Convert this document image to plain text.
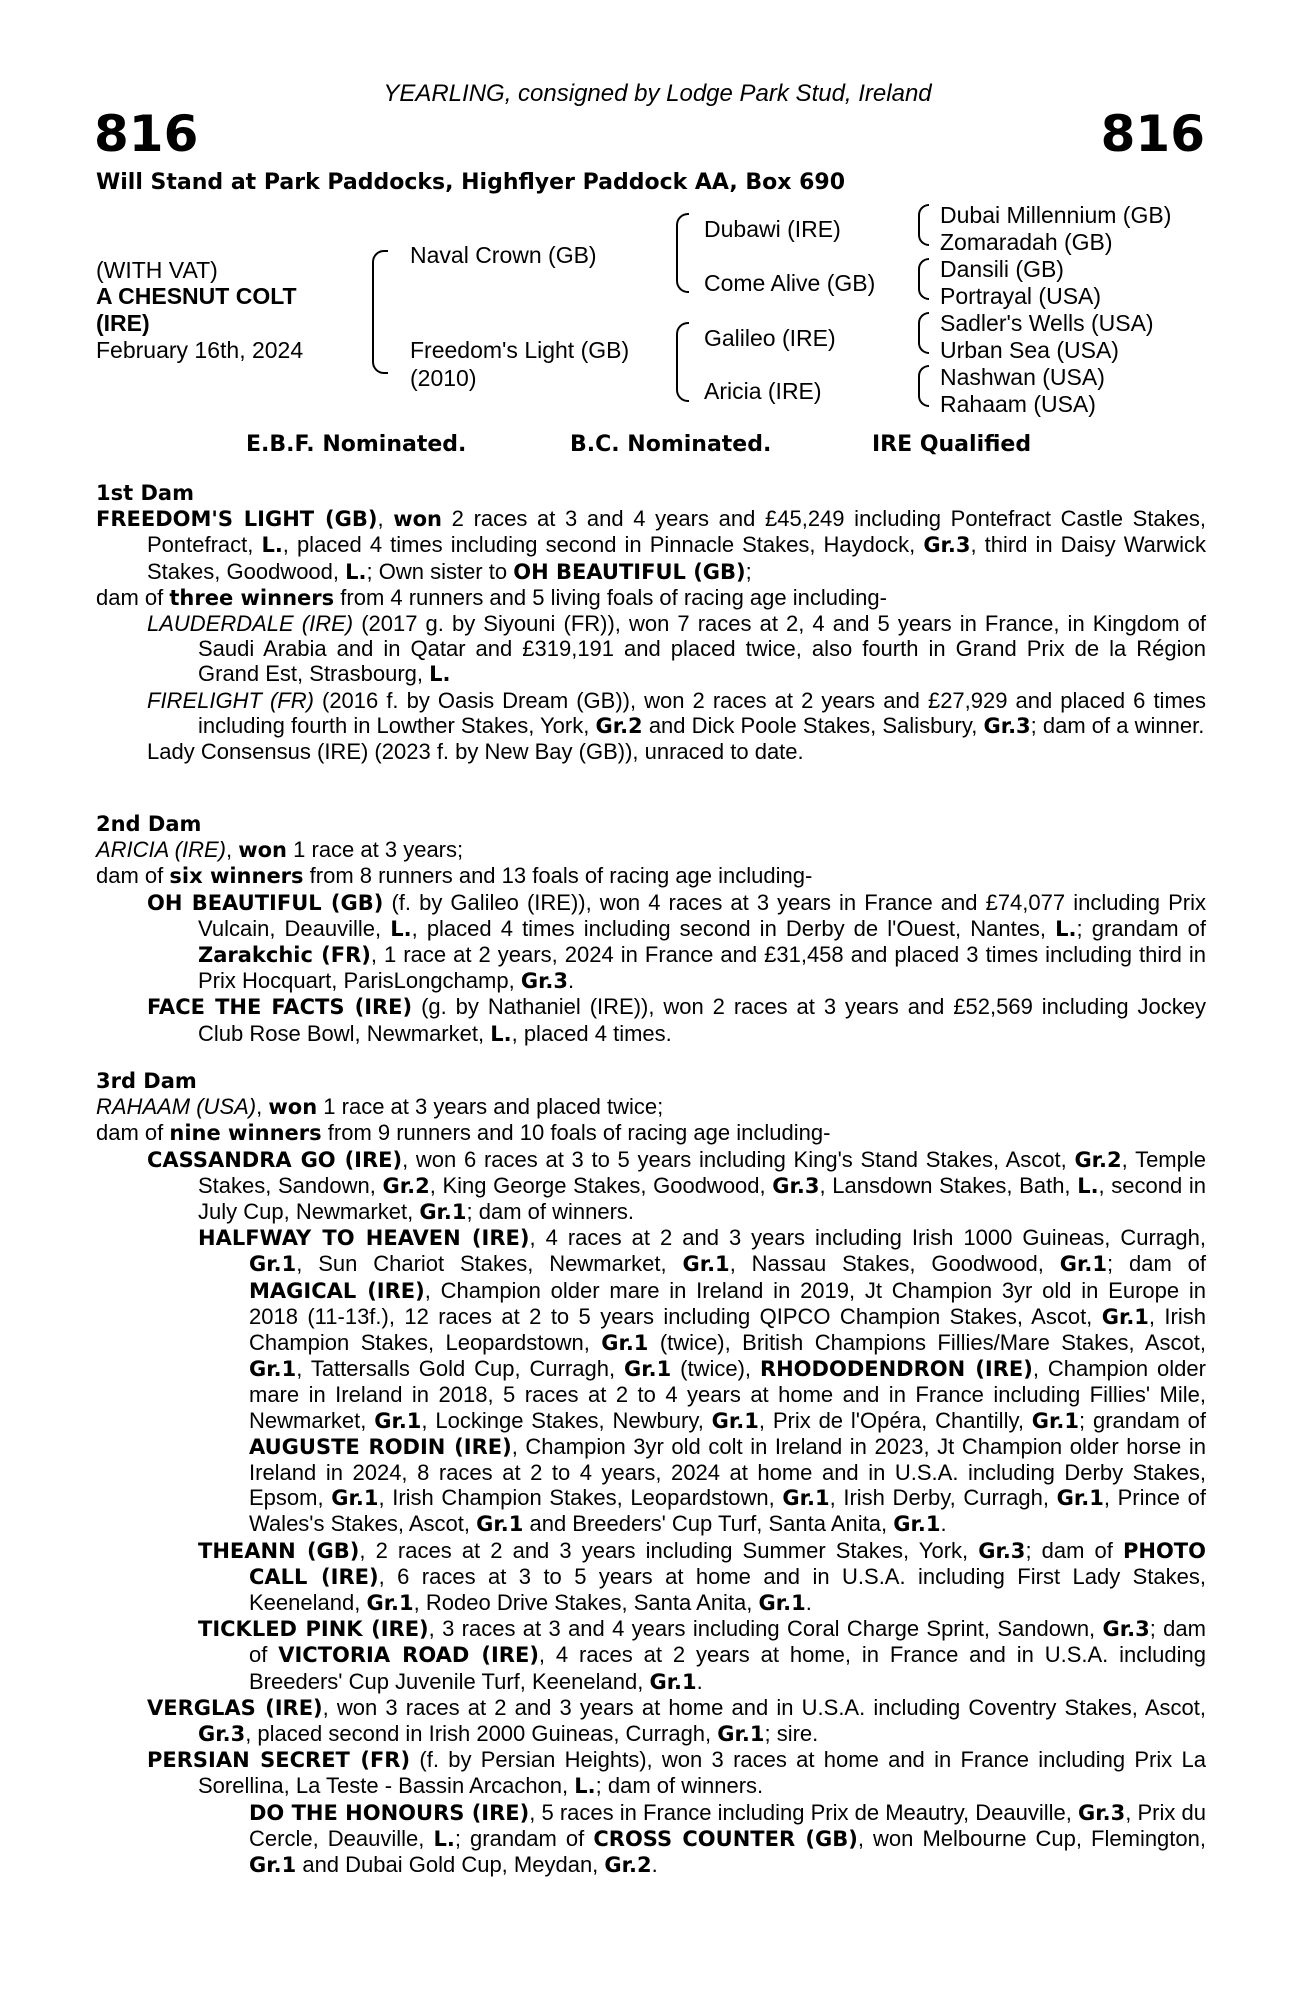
YEARLING, consigned by Lodge Park Stud, Ireland
816	816
Will Stand at Park Paddocks, Highflyer Paddock AA, Box 690
(WITH VAT)
A CHESNUT COLT
(IRE)
February 16th, 2024
Naval Crown (GB)
Freedom's Light (GB)
(2010)
Dubawi (IRE)
Come Alive (GB)
Galileo (IRE)
Aricia (IRE)
Dubai Millennium (GB)
Zomaradah (GB)
Dansili (GB)
Portrayal (USA)
Sadler's Wells (USA)
Urban Sea (USA)
Nashwan (USA)
Rahaam (USA)
E.B.F. Nominated.	B.C. Nominated.	IRE Qualified
1st Dam
FREEDOM'S LIGHT (GB), won 2 races at 3 and 4 years and £45,249 including Pontefract Castle Stakes, Pontefract, L., placed 4 times including second in Pinnacle Stakes, Haydock, Gr.3, third in Daisy Warwick Stakes, Goodwood, L.; Own sister to OH BEAUTIFUL (GB);
dam of three winners from 4 runners and 5 living foals of racing age including-
LAUDERDALE (IRE) (2017 g. by Siyouni (FR)), won 7 races at 2, 4 and 5 years in France, in Kingdom of Saudi Arabia and in Qatar and £319,191 and placed twice, also fourth in Grand Prix de la Région Grand Est, Strasbourg, L.
FIRELIGHT (FR) (2016 f. by Oasis Dream (GB)), won 2 races at 2 years and £27,929 and placed 6 times including fourth in Lowther Stakes, York, Gr.2 and Dick Poole Stakes, Salisbury, Gr.3; dam of a winner.
Lady Consensus (IRE) (2023 f. by New Bay (GB)), unraced to date.
2nd Dam
ARICIA (IRE), won 1 race at 3 years;
dam of six winners from 8 runners and 13 foals of racing age including-
OH BEAUTIFUL (GB) (f. by Galileo (IRE)), won 4 races at 3 years in France and £74,077 including Prix Vulcain, Deauville, L., placed 4 times including second in Derby de l'Ouest, Nantes, L.; grandam of Zarakchic (FR), 1 race at 2 years, 2024 in France and £31,458 and placed 3 times including third in Prix Hocquart, ParisLongchamp, Gr.3.
FACE THE FACTS (IRE) (g. by Nathaniel (IRE)), won 2 races at 3 years and £52,569 including Jockey Club Rose Bowl, Newmarket, L., placed 4 times.
3rd Dam
RAHAAM (USA), won 1 race at 3 years and placed twice;
dam of nine winners from 9 runners and 10 foals of racing age including-
CASSANDRA GO (IRE), won 6 races at 3 to 5 years including King's Stand Stakes, Ascot, Gr.2, Temple Stakes, Sandown, Gr.2, King George Stakes, Goodwood, Gr.3, Lansdown Stakes, Bath, L., second in July Cup, Newmarket, Gr.1; dam of winners.
HALFWAY TO HEAVEN (IRE), 4 races at 2 and 3 years including Irish 1000 Guineas, Curragh, Gr.1, Sun Chariot Stakes, Newmarket, Gr.1, Nassau Stakes, Goodwood, Gr.1; dam of MAGICAL (IRE), Champion older mare in Ireland in 2019, Jt Champion 3yr old in Europe in 2018 (11-13f.), 12 races at 2 to 5 years including QIPCO Champion Stakes, Ascot, Gr.1, Irish Champion Stakes, Leopardstown, Gr.1 (twice), British Champions Fillies/Mare Stakes, Ascot, Gr.1, Tattersalls Gold Cup, Curragh, Gr.1 (twice), RHODODENDRON (IRE), Champion older mare in Ireland in 2018, 5 races at 2 to 4 years at home and in France including Fillies' Mile, Newmarket, Gr.1, Lockinge Stakes, Newbury, Gr.1, Prix de l'Opéra, Chantilly, Gr.1; grandam of AUGUSTE RODIN (IRE), Champion 3yr old colt in Ireland in 2023, Jt Champion older horse in Ireland in 2024, 8 races at 2 to 4 years, 2024 at home and in U.S.A. including Derby Stakes, Epsom, Gr.1, Irish Champion Stakes, Leopardstown, Gr.1, Irish Derby, Curragh, Gr.1, Prince of Wales's Stakes, Ascot, Gr.1 and Breeders' Cup Turf, Santa Anita, Gr.1.
THEANN (GB), 2 races at 2 and 3 years including Summer Stakes, York, Gr.3; dam of PHOTO CALL (IRE), 6 races at 3 to 5 years at home and in U.S.A. including First Lady Stakes, Keeneland, Gr.1, Rodeo Drive Stakes, Santa Anita, Gr.1.
TICKLED PINK (IRE), 3 races at 3 and 4 years including Coral Charge Sprint, Sandown, Gr.3; dam of VICTORIA ROAD (IRE), 4 races at 2 years at home, in France and in U.S.A. including Breeders' Cup Juvenile Turf, Keeneland, Gr.1.
VERGLAS (IRE), won 3 races at 2 and 3 years at home and in U.S.A. including Coventry Stakes, Ascot, Gr.3, placed second in Irish 2000 Guineas, Curragh, Gr.1; sire.
PERSIAN SECRET (FR) (f. by Persian Heights), won 3 races at home and in France including Prix La Sorellina, La Teste - Bassin Arcachon, L.; dam of winners.
DO THE HONOURS (IRE), 5 races in France including Prix de Meautry, Deauville, Gr.3, Prix du Cercle, Deauville, L.; grandam of CROSS COUNTER (GB), won Melbourne Cup, Flemington, Gr.1 and Dubai Gold Cup, Meydan, Gr.2.
